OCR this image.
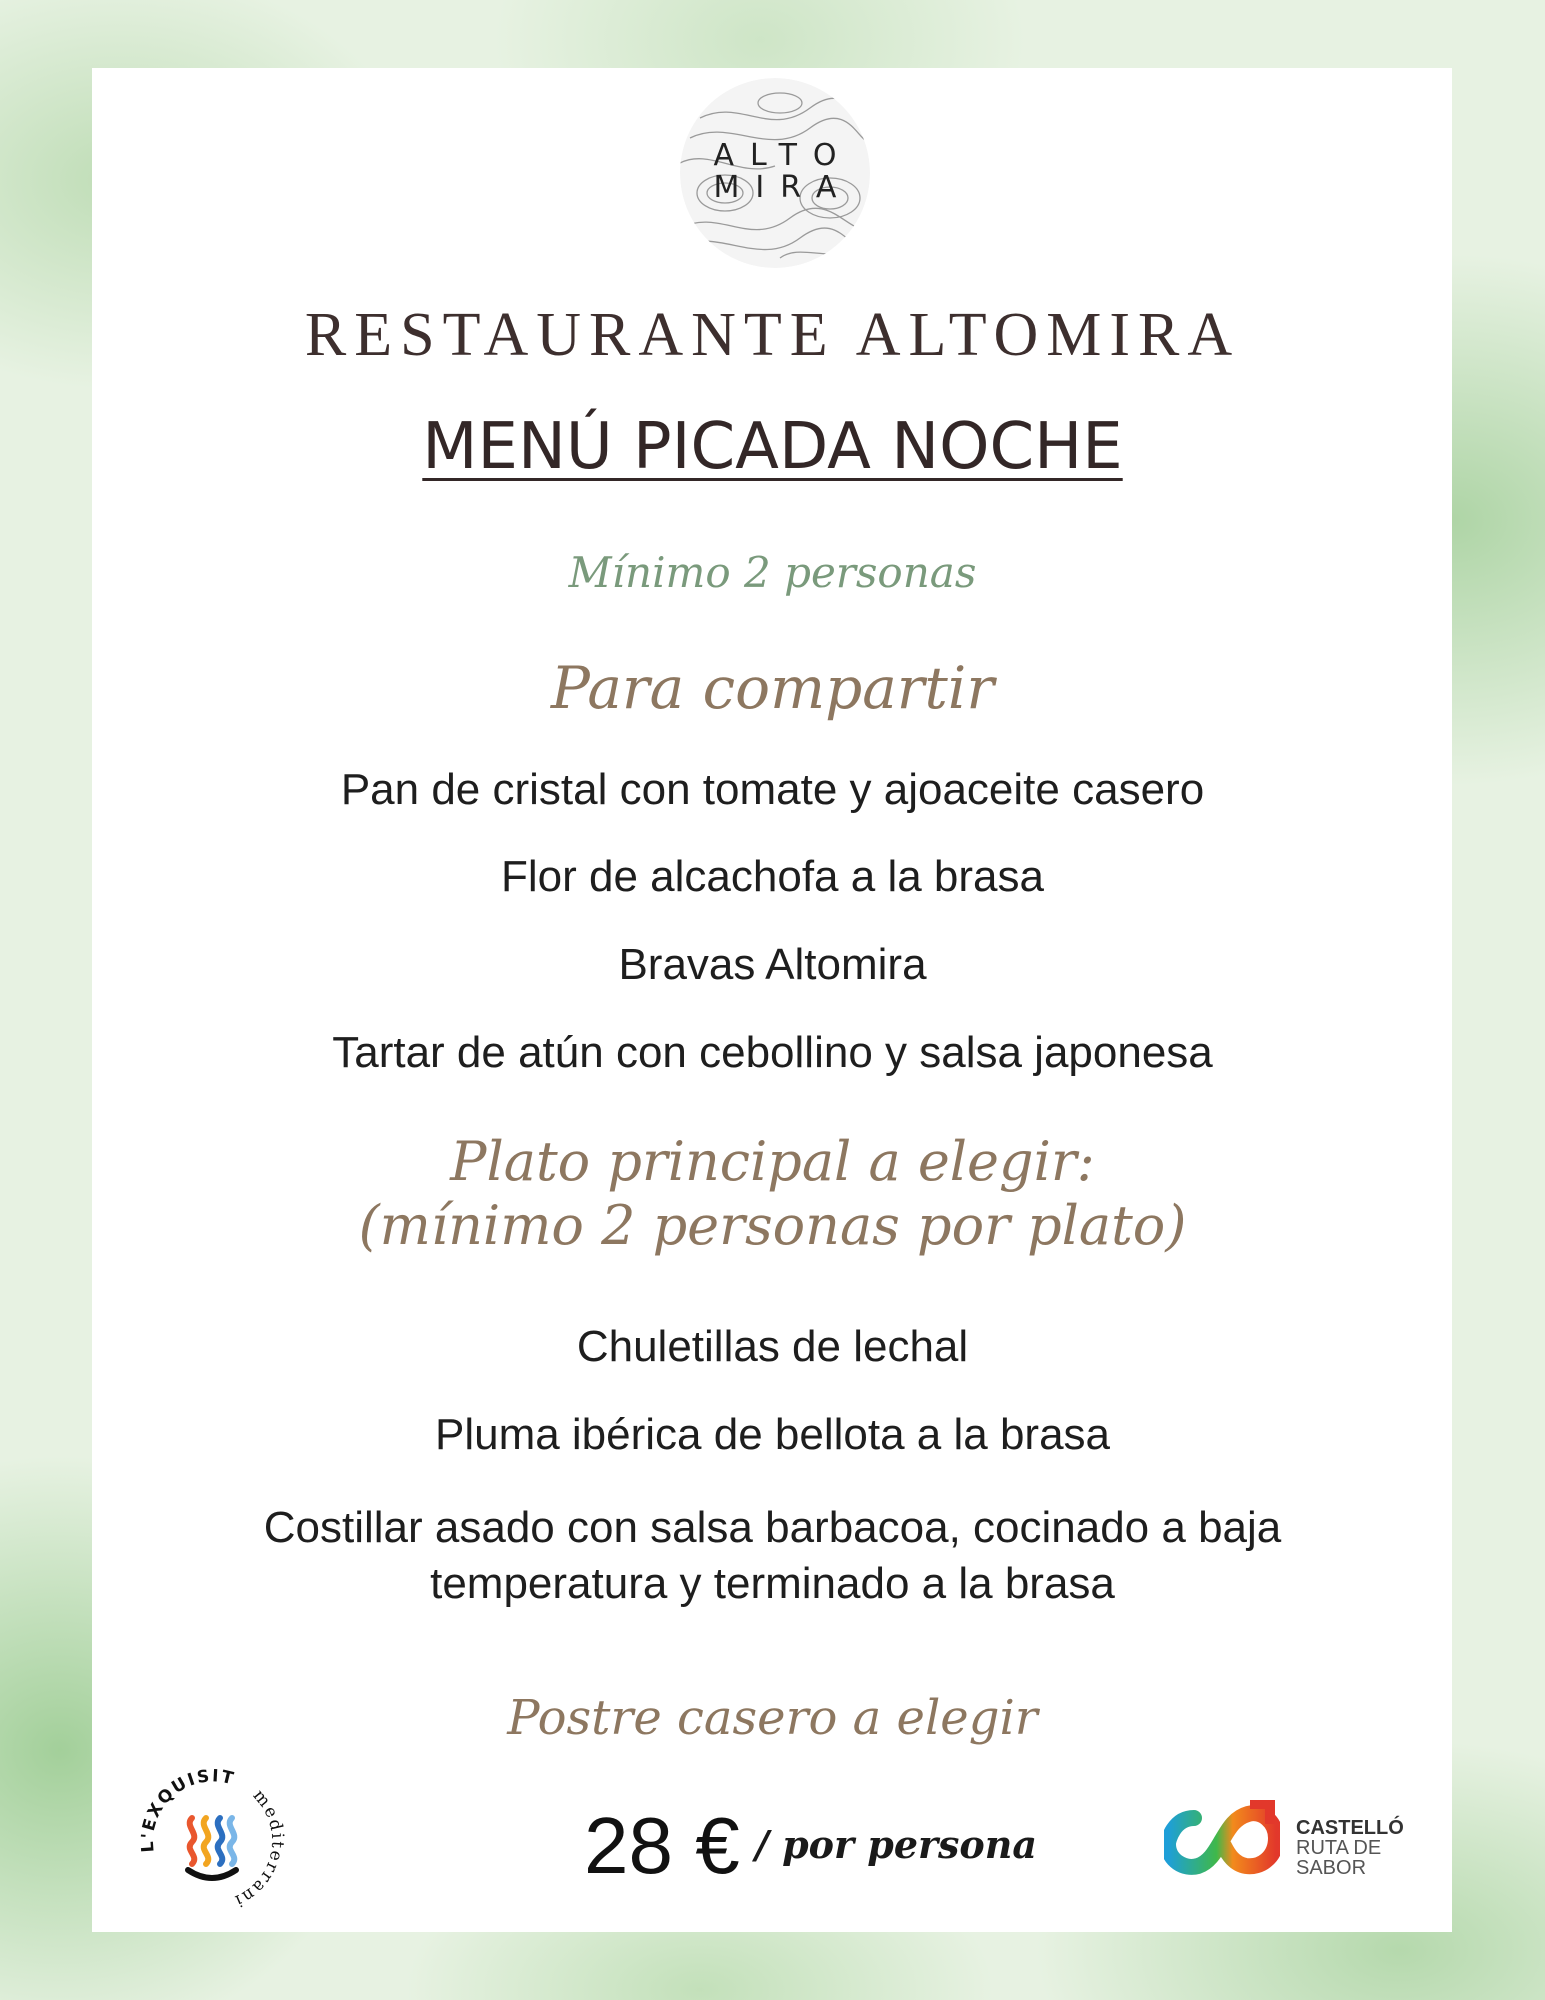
ALTO
MIRA
RESTAURANTE ALTOMIRA
MENÚ PICADA NOCHE
Mínimo 2 personas
Para compartir
Pan de cristal con tomate y ajoaceite casero
Flor de alcachofa a la brasa
Bravas Altomira
Tartar de atún con cebollino y salsa japonesa
Plato principal a elegir:
(mínimo 2 personas por plato)
Chuletillas de lechal
Pluma ibérica de bellota a la brasa
Costillar asado con salsa barbacoa, cocinado a baja
temperatura y terminado a la brasa
Postre casero a elegir
28 € / por persona
L'EXQUISIT
mediterrani
CASTELLÓ
RUTA DE
SABOR
